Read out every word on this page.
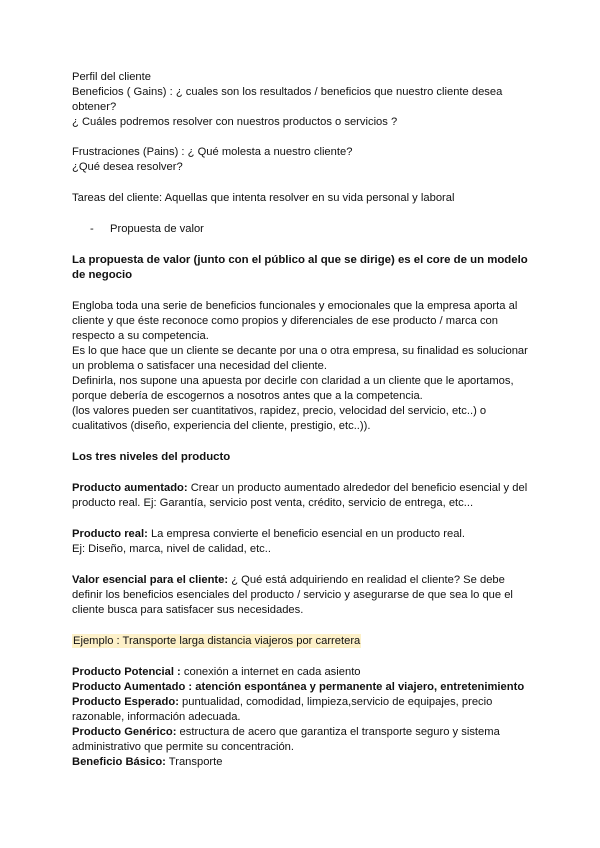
Perfil del cliente
Beneficios ( Gains) : ¿ cuales son los resultados / beneficios que nuestro cliente desea obtener?
¿ Cuáles podremos resolver con nuestros productos o servicios ?
Frustraciones (Pains) : ¿ Qué molesta a nuestro cliente?
¿Qué desea resolver?
Tareas del cliente: Aquellas que intenta resolver en su vida personal y laboral
-	Propuesta de valor

La propuesta de valor (junto con el público al que se dirige) es el core de un modelo de negocio

Engloba toda una serie de beneficios funcionales y emocionales que la empresa aporta al cliente y que éste reconoce como propios y diferenciales de ese producto / marca con respecto a su competencia.
Es lo que hace que un cliente se decante por una o otra empresa, su finalidad es solucionar un problema o satisfacer una necesidad del cliente.
Definirla, nos supone una apuesta por decirle con claridad a un cliente que le aportamos, porque debería de escogernos a nosotros antes que a la competencia.
(los valores pueden ser cuantitativos, rapidez, precio, velocidad del servicio, etc..) o cualitativos (diseño, experiencia del cliente, prestigio, etc..)).

Los tres niveles del producto

Producto aumentado: Crear un producto aumentado alrededor del beneficio esencial y del producto real. Ej: Garantía, servicio post venta, crédito, servicio de entrega, etc...

Producto real: La empresa convierte el beneficio esencial en un producto real.

Ej: Diseño, marca, nivel de calidad, etc..

Valor esencial para el cliente: ¿ Qué está adquiriendo en realidad el cliente? Se debe definir los beneficios esenciales del producto / servicio y asegurarse de que sea lo que el cliente busca para satisfacer sus necesidades.

Ejemplo : Transporte larga distancia viajeros por carretera

Producto Potencial : conexión a internet en cada asiento

Producto Aumentado : atención espontánea y permanente al viajero, entretenimiento

Producto Esperado: puntualidad, comodidad, limpieza,servicio de equipajes, precio razonable, información adecuada.

Producto Genérico: estructura de acero que garantiza el transporte seguro y sistema administrativo que permite su concentración.

Beneficio Básico: Transporte
